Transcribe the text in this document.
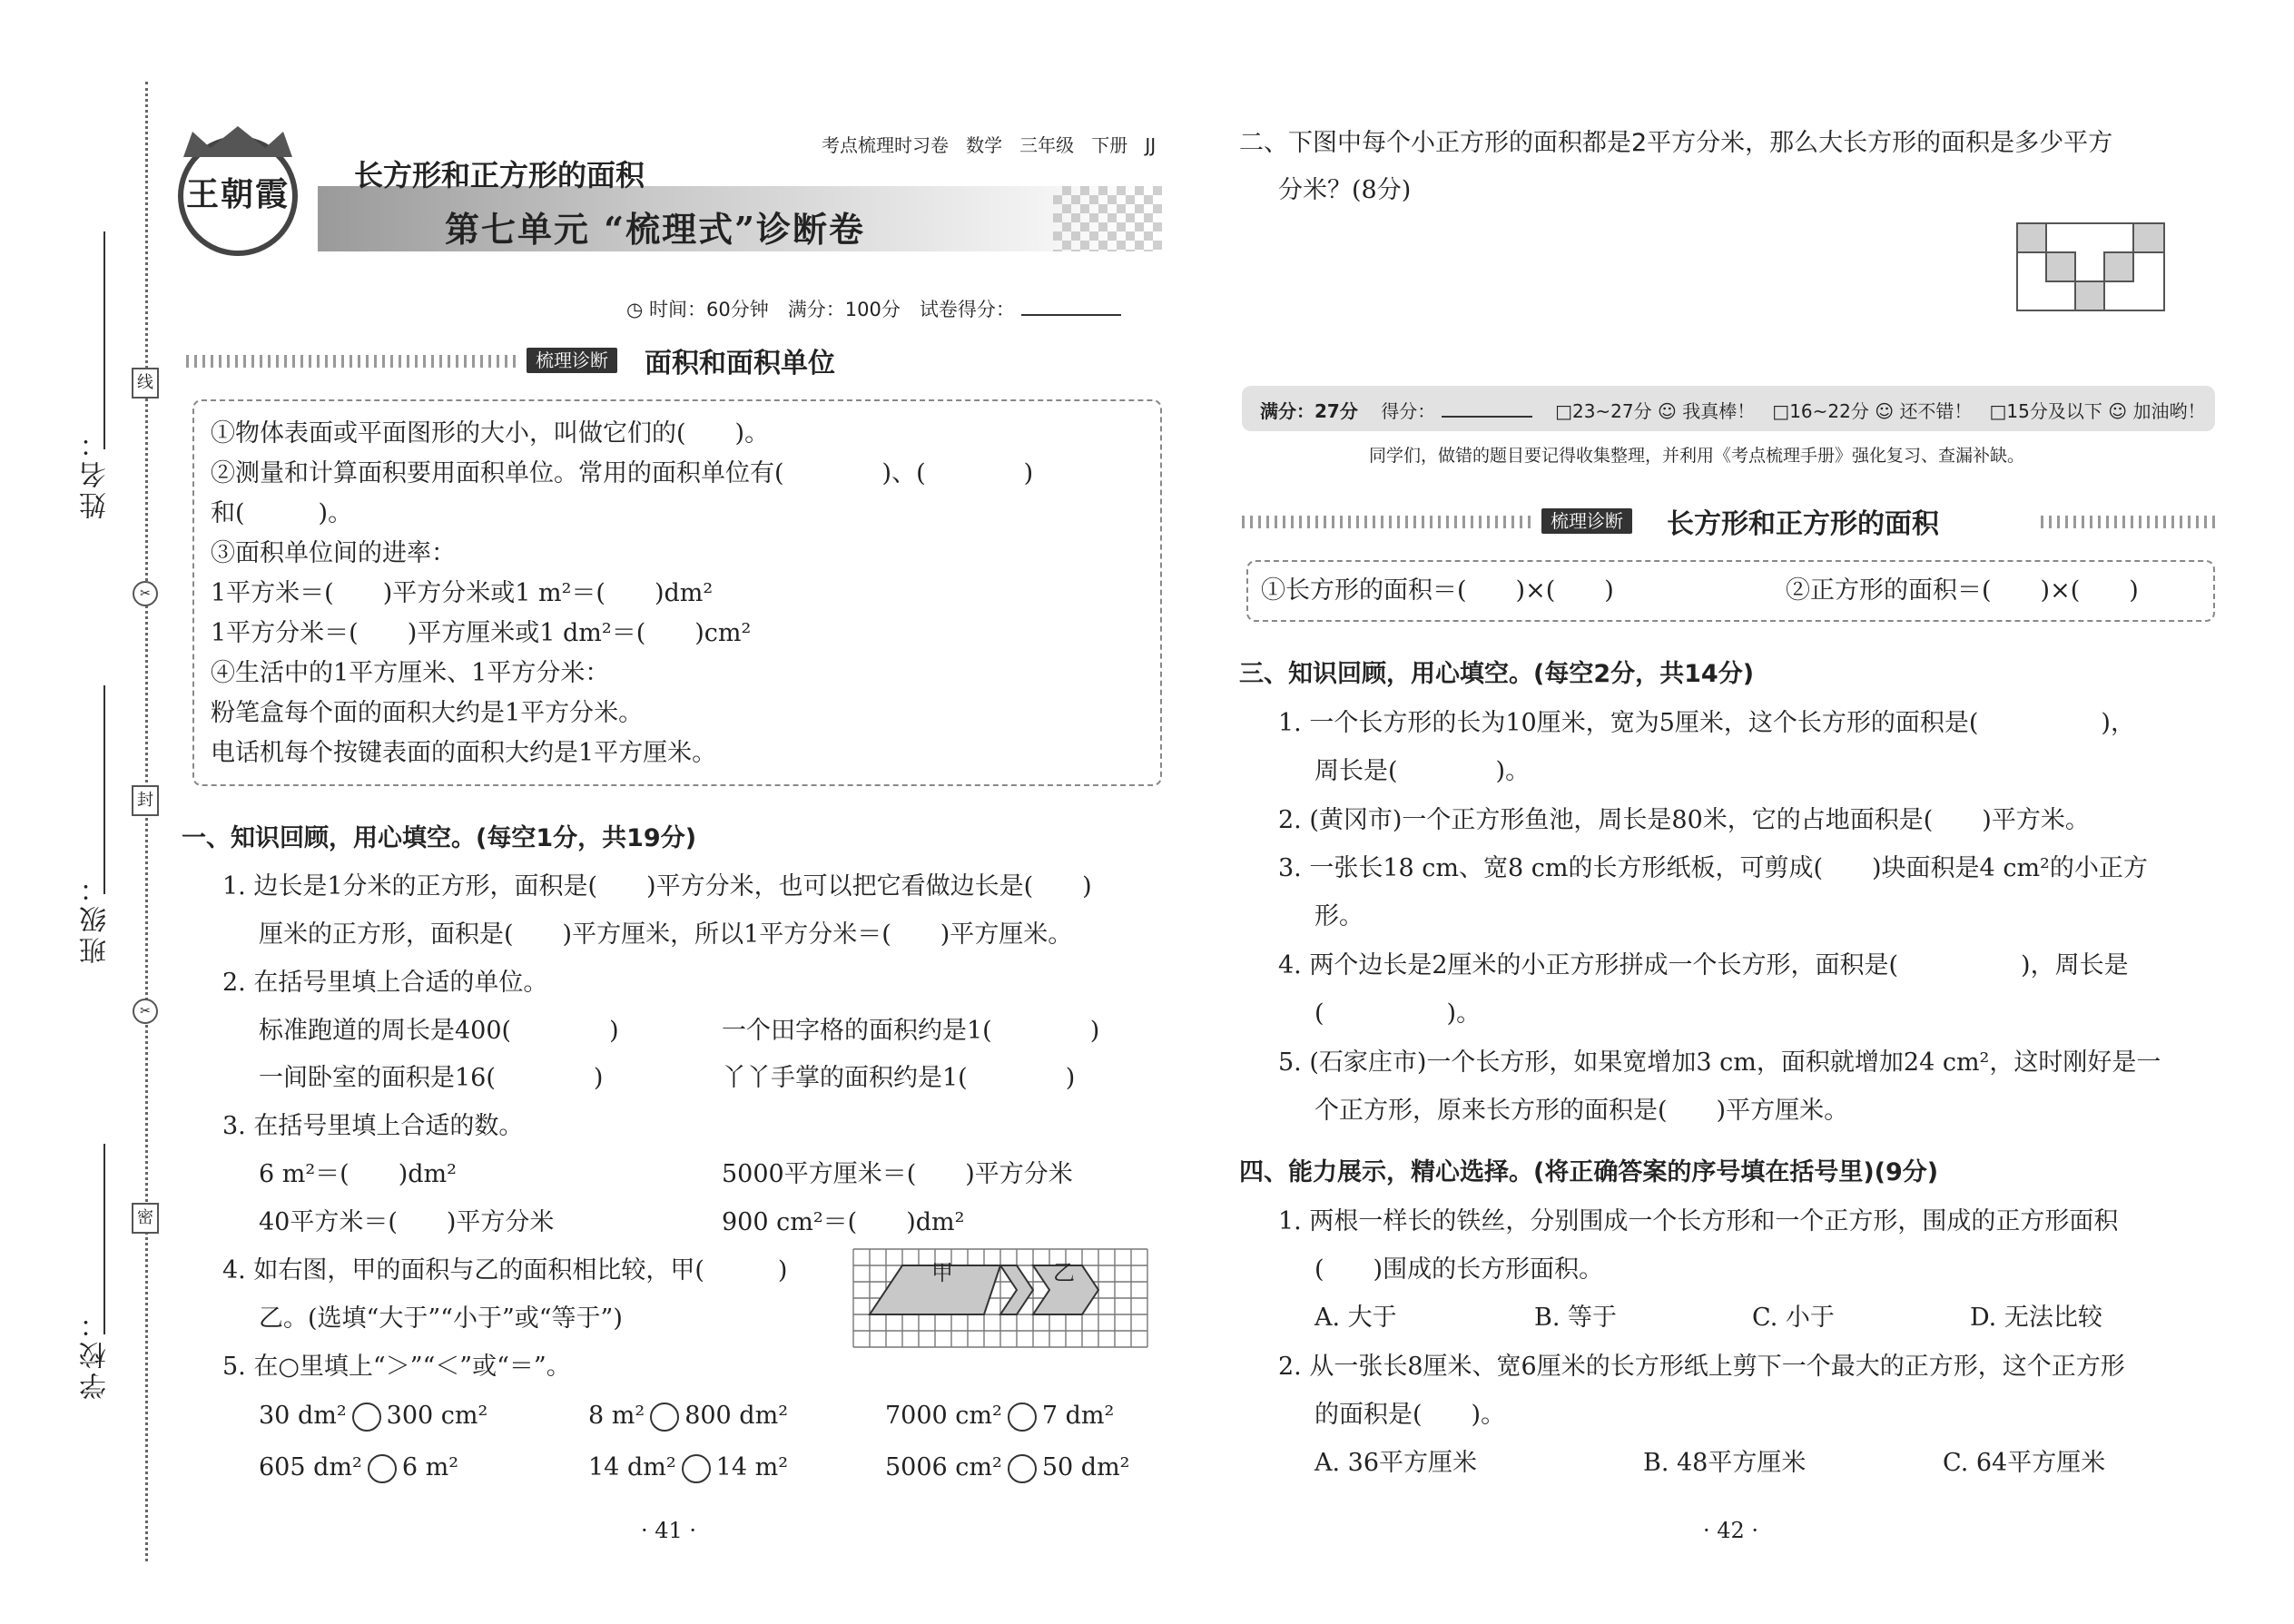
姓名：
班级：
学校：
线
✂
封
✂
密
王朝霞
考点梳理时习卷 数学 三年级 下册 JJ
长方形和正方形的面积
第七单元 “梳理式”诊断卷
◷ 时间：60分钟　满分：100分　试卷得分：
梳理诊断	面积和面积单位
①物体表面或平面图形的大小，叫做它们的(　　)。
②测量和计算面积要用面积单位。常用的面积单位有(　　　　)、(　　　　)
和(　　　)。
③面积单位间的进率：
1平方米＝(　　)平方分米或1 m²＝(　　)dm²
1平方分米＝(　　)平方厘米或1 dm²＝(　　)cm²
④生活中的1平方厘米、1平方分米：
粉笔盒每个面的面积大约是1平方分米。
电话机每个按键表面的面积大约是1平方厘米。
一、知识回顾，用心填空。(每空1分，共19分)
1. 边长是1分米的正方形，面积是(　　)平方分米，也可以把它看做边长是(　　)
厘米的正方形，面积是(　　)平方厘米，所以1平方分米＝(　　)平方厘米。
2. 在括号里填上合适的单位。
标准跑道的周长是400(　　　　)	一个田字格的面积约是1(　　　　)
一间卧室的面积是16(　　　　)	丫丫手掌的面积约是1(　　　　)
3. 在括号里填上合适的数。
6 m²＝(　　)dm²	5000平方厘米＝(　　)平方分米
40平方米＝(　　)平方分米	900 cm²＝(　　)dm²
4. 如右图，甲的面积与乙的面积相比较，甲(　　　)
乙。(选填“大于”“小于”或“等于”)
甲	乙
5. 在○里填上“＞”“＜”或“＝”。
30 dm² 300 cm²	8 m² 800 dm²	7000 cm² 7 dm²
605 dm² 6 m²	14 dm² 14 m²	5006 cm² 50 dm²
· 41 ·
二、下图中每个小正方形的面积都是2平方分米，那么大长方形的面积是多少平方
分米？(8分)
满分：27分 得分：	□23~27分 ☺ 我真棒！ □16~22分 ☺ 还不错！ □15分及以下 ☺ 加油哟！
同学们，做错的题目要记得收集整理，并利用《考点梳理手册》强化复习、查漏补缺。
梳理诊断	长方形和正方形的面积
①长方形的面积＝(　　)×(　　)	②正方形的面积＝(　　)×(　　)
三、知识回顾，用心填空。(每空2分，共14分)
1. 一个长方形的长为10厘米，宽为5厘米，这个长方形的面积是(　　　　　)，
周长是(　　　　)。
2. (黄冈市)一个正方形鱼池，周长是80米，它的占地面积是(　　)平方米。
3. 一张长18 cm、宽8 cm的长方形纸板，可剪成(　　)块面积是4 cm²的小正方
形。
4. 两个边长是2厘米的小正方形拼成一个长方形，面积是(　　　　　)，周长是
(　　　　　)。
5. (石家庄市)一个长方形，如果宽增加3 cm，面积就增加24 cm²，这时刚好是一
个正方形，原来长方形的面积是(　　)平方厘米。
四、能力展示，精心选择。(将正确答案的序号填在括号里)(9分)
1. 两根一样长的铁丝，分别围成一个长方形和一个正方形，围成的正方形面积
(　　)围成的长方形面积。
A. 大于	B. 等于	C. 小于	D. 无法比较
2. 从一张长8厘米、宽6厘米的长方形纸上剪下一个最大的正方形，这个正方形
的面积是(　　)。
A. 36平方厘米	B. 48平方厘米	C. 64平方厘米
· 42 ·
